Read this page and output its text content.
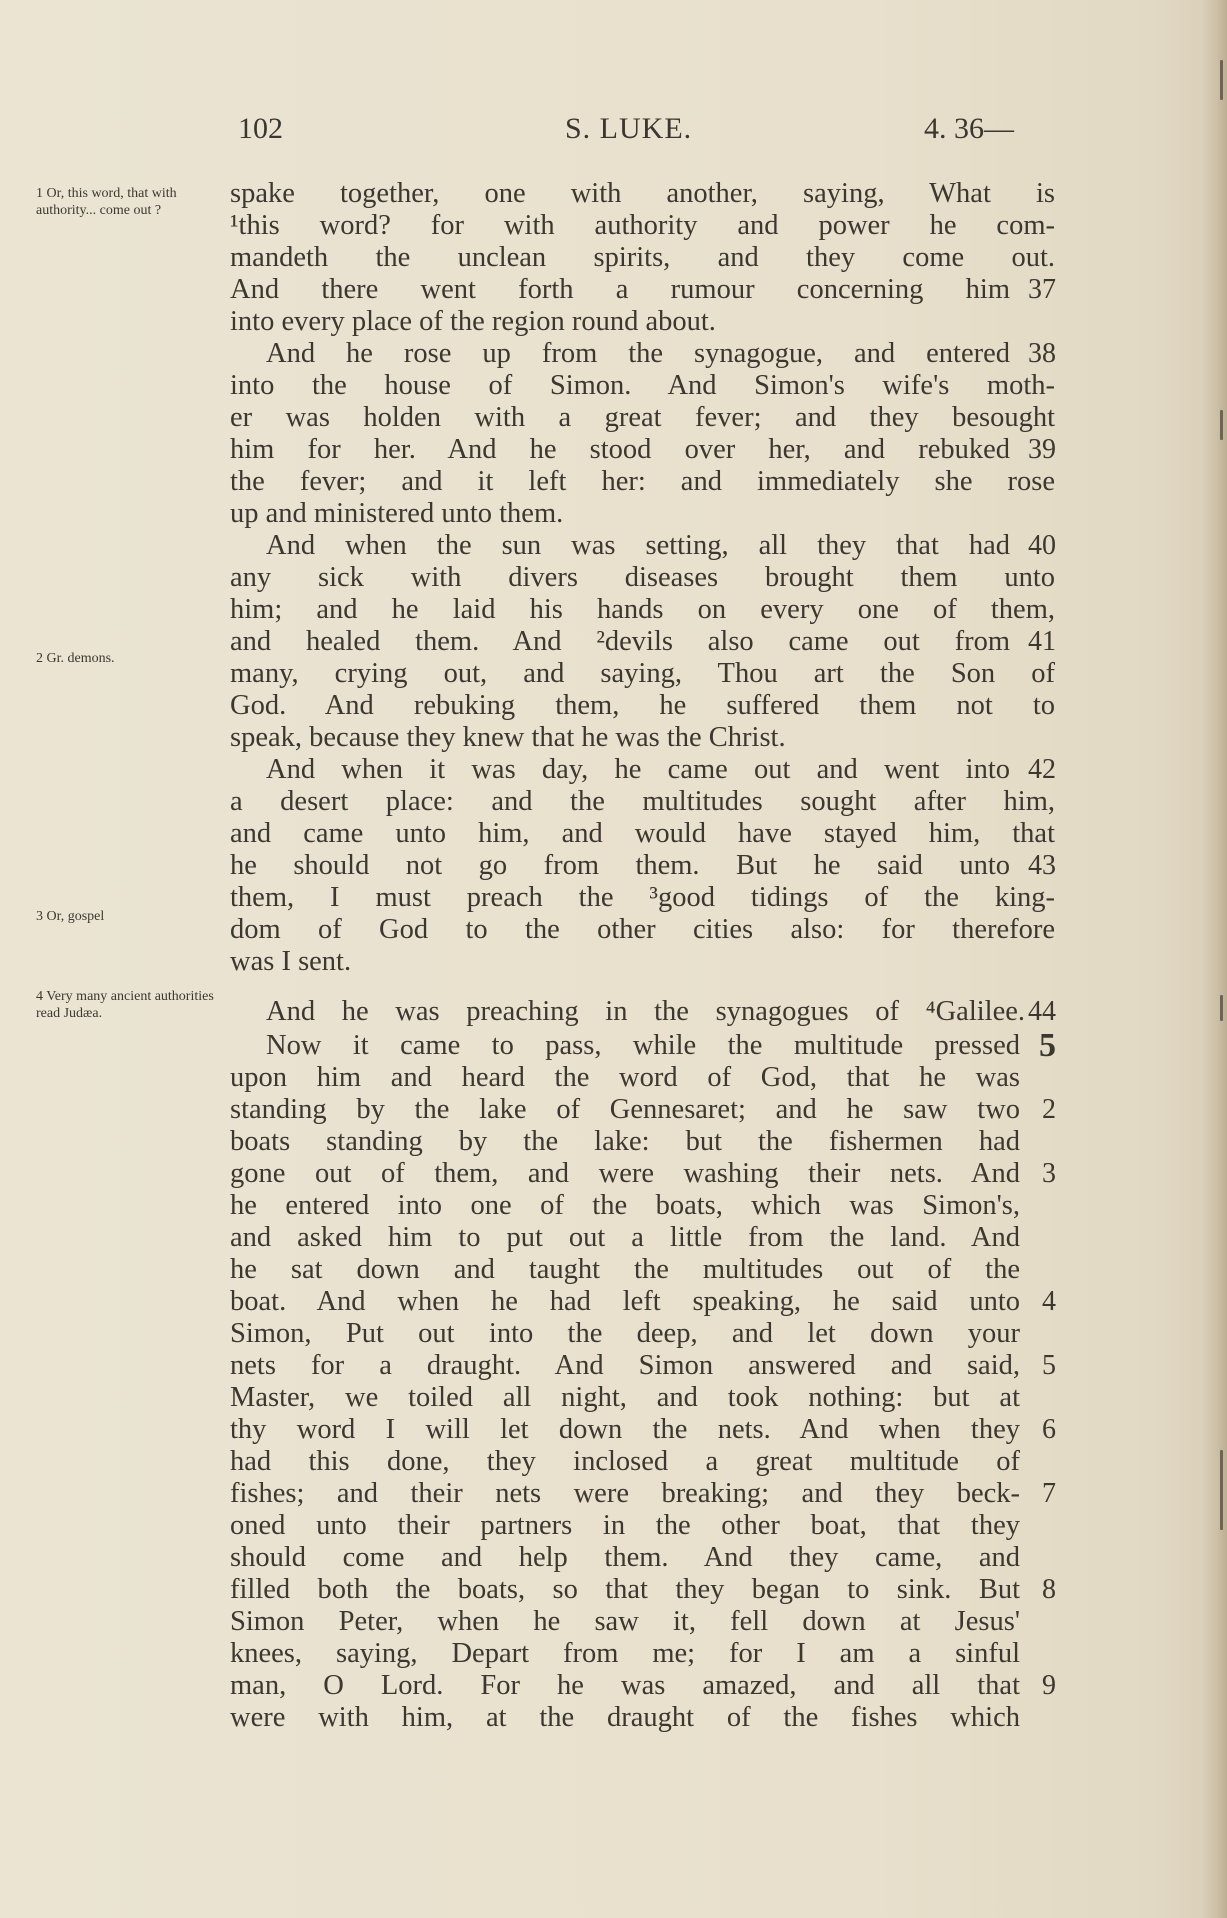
102	S. LUKE.	4. 36—
1 Or, this word, that with authority... come out ?
2 Gr. demons.
3 Or, gospel
4 Very many ancient authorities read Judæa.
spake together, one with another, saying, What is
¹this word? for with authority and power he com-
mandeth the unclean spirits, and they come out.
And there went forth a rumour concerning him
into every place of the region round about.
And he rose up from the synagogue, and entered
into the house of Simon. And Simon's wife's moth-
er was holden with a great fever; and they besought
him for her. And he stood over her, and rebuked
the fever; and it left her: and immediately she rose
up and ministered unto them.
And when the sun was setting, all they that had
any sick with divers diseases brought them unto
him; and he laid his hands on every one of them,
and healed them. And ²devils also came out from
many, crying out, and saying, Thou art the Son of
God. And rebuking them, he suffered them not to
speak, because they knew that he was the Christ.
And when it was day, he came out and went into
a desert place: and the multitudes sought after him,
and came unto him, and would have stayed him, that
he should not go from them. But he said unto
them, I must preach the ³good tidings of the king-
dom of God to the other cities also: for therefore
was I sent.
And he was preaching in the synagogues of ⁴Galilee.
Now it came to pass, while the multitude pressed
upon him and heard the word of God, that he was
standing by the lake of Gennesaret; and he saw two
boats standing by the lake: but the fishermen had
gone out of them, and were washing their nets. And
he entered into one of the boats, which was Simon's,
and asked him to put out a little from the land. And
he sat down and taught the multitudes out of the
boat. And when he had left speaking, he said unto
Simon, Put out into the deep, and let down your
nets for a draught. And Simon answered and said,
Master, we toiled all night, and took nothing: but at
thy word I will let down the nets. And when they
had this done, they inclosed a great multitude of
fishes; and their nets were breaking; and they beck-
oned unto their partners in the other boat, that they
should come and help them. And they came, and
filled both the boats, so that they began to sink. But
Simon Peter, when he saw it, fell down at Jesus'
knees, saying, Depart from me; for I am a sinful
man, O Lord. For he was amazed, and all that
were with him, at the draught of the fishes which
37
38
39
40
41
42
43
44
5
2
3
4
5
6
7
8
9
